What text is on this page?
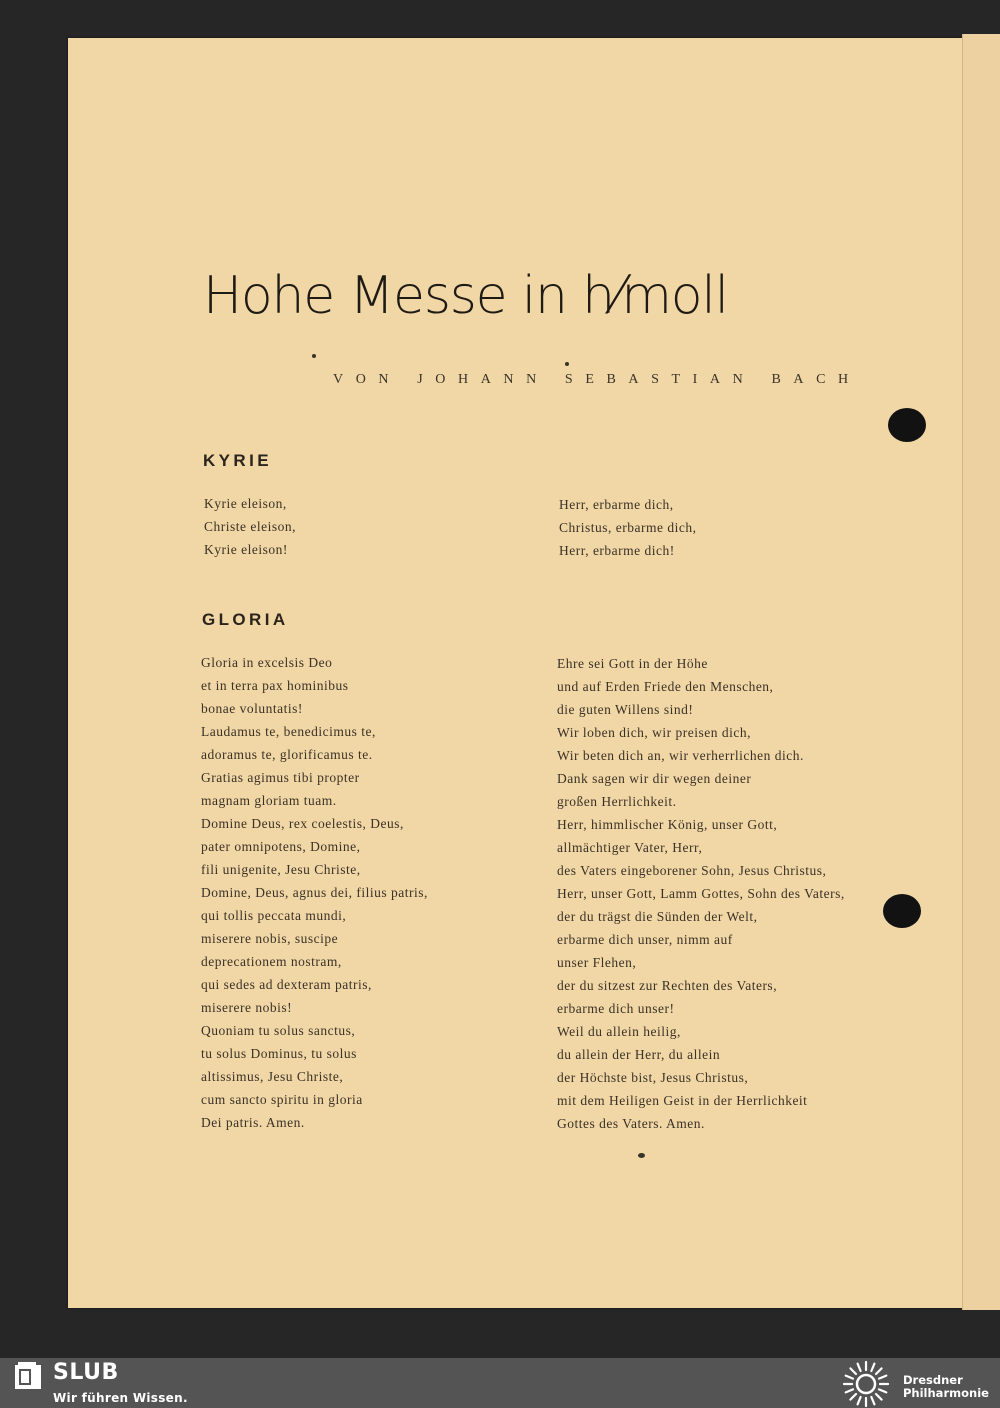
Hohe Messe in h⁄moll
VON JOHANN SEBASTIAN BACH
KYRIE
Kyrie eleison,
Christe eleison,
Kyrie eleison!
Herr, erbarme dich,
Christus, erbarme dich,
Herr, erbarme dich!
GLORIA
Gloria in excelsis Deo
et in terra pax hominibus
bonae voluntatis!
Laudamus te, benedicimus te,
adoramus te, glorificamus te.
Gratias agimus tibi propter
magnam gloriam tuam.
Domine Deus, rex coelestis, Deus,
pater omnipotens, Domine,
fili unigenite, Jesu Christe,
Domine, Deus, agnus dei, filius patris,
qui tollis peccata mundi,
miserere nobis, suscipe
deprecationem nostram,
qui sedes ad dexteram patris,
miserere nobis!
Quoniam tu solus sanctus,
tu solus Dominus, tu solus
altissimus, Jesu Christe,
cum sancto spiritu in gloria
Dei patris. Amen.
Ehre sei Gott in der Höhe
und auf Erden Friede den Menschen,
die guten Willens sind!
Wir loben dich, wir preisen dich,
Wir beten dich an, wir verherrlichen dich.
Dank sagen wir dir wegen deiner
großen Herrlichkeit.
Herr, himmlischer König, unser Gott,
allmächtiger Vater, Herr,
des Vaters eingeborener Sohn, Jesus Christus,
Herr, unser Gott, Lamm Gottes, Sohn des Vaters,
der du trägst die Sünden der Welt,
erbarme dich unser, nimm auf
unser Flehen,
der du sitzest zur Rechten des Vaters,
erbarme dich unser!
Weil du allein heilig,
du allein der Herr, du allein
der Höchste bist, Jesus Christus,
mit dem Heiligen Geist in der Herrlichkeit
Gottes des Vaters. Amen.
SLUB
Wir führen Wissen.
Dresdner
Philharmonie
